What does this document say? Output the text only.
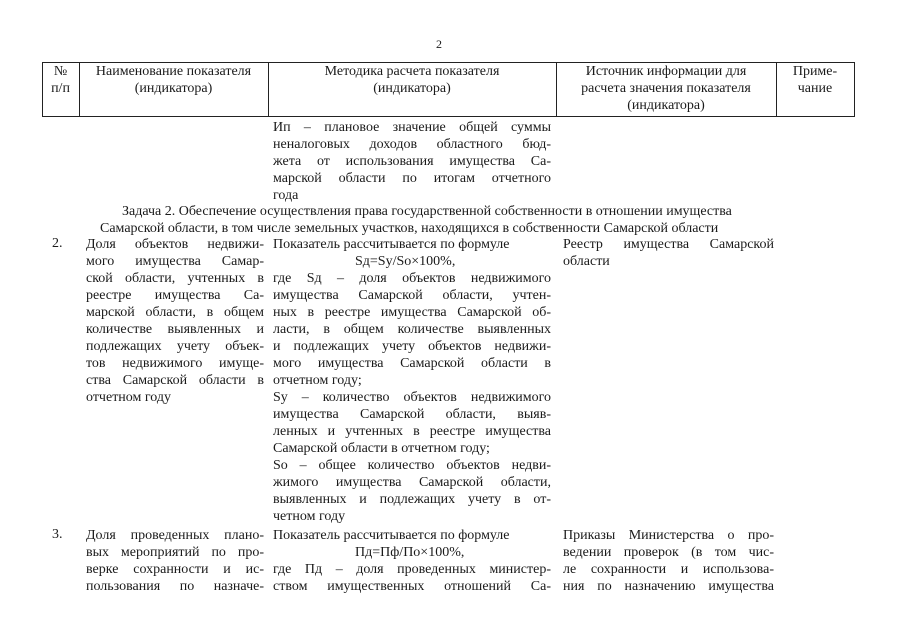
2
№
п/п
Наименование показателя
(индикатора)
Методика расчета показателя
(индикатора)
Источник информации для
расчета значения показателя
(индикатора)
Приме-
чание
Ип – плановое значение общей суммы
неналоговых доходов областного бюд-
жета от использования имущества Са-
марской области по итогам отчетного
года
Задача 2. Обеспечение осуществления права государственной собственности в отношении имущества
Самарской области, в том числе земельных участков, находящихся в собственности Самарской области
2. Доля объектов недвижи-
мого имущества Самар-
ской области, учтенных в
реестре имущества Са-
марской области, в общем
количестве выявленных и
подлежащих учету объек-
тов недвижимого имуще-
ства Самарской области в
отчетном году
Показатель рассчитывается по формуле
Sд=Sу/So×100%,
где Sд – доля объектов недвижимого
имущества Самарской области, учтен-
ных в реестре имущества Самарской об-
ласти, в общем количестве выявленных
и подлежащих учету объектов недвижи-
мого имущества Самарской области в
отчетном году;
Sу – количество объектов недвижимого
имущества Самарской области, выяв-
ленных и учтенных в реестре имущества
Самарской области в отчетном году;
So – общее количество объектов недви-
жимого имущества Самарской области,
выявленных и подлежащих учету в от-
четном году
Реестр имущества Самарской
области
3. Доля проведенных плано-
вых мероприятий по про-
верке сохранности и ис-
пользования по назначе-
Показатель рассчитывается по формуле
Пд=Пф/По×100%,
где Пд – доля проведенных министер-
ством имущественных отношений Са-
Приказы Министерства о про-
ведении проверок (в том чис-
ле сохранности и использова-
ния по назначению имущества
